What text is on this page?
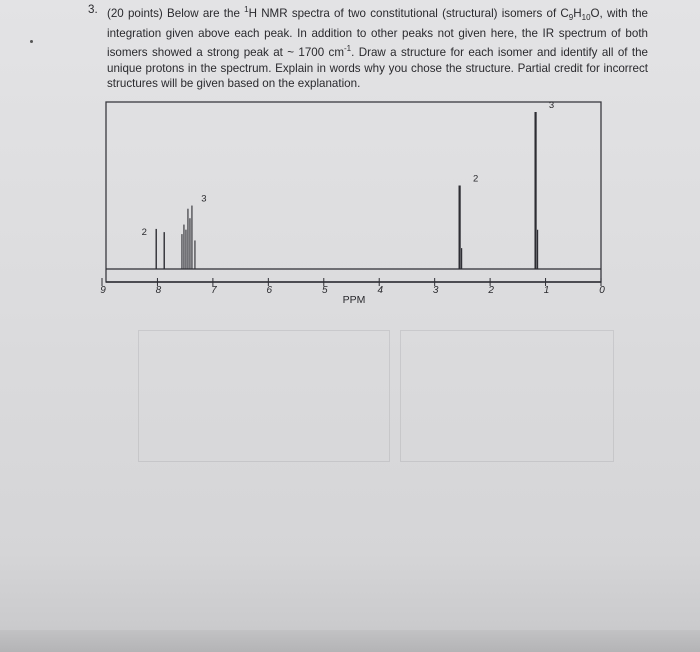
3. (20 points) Below are the $^1$H NMR spectra of two constitutional (structural) isomers of $C_9H_{10}O$, with the integration given above each peak. In addition to other peaks not given here, the IR spectrum of both isomers showed a strong peak at ~ 1700 $cm^{-1}$. Draw a structure for each isomer and identify all of the unique protons in the spectrum. Explain in words why you chose the structure. Partial credit for incorrect structures will be given based on the explanation.
9	8	7	6	5	4	3	2	1	0
2
3
2
3
PPM
